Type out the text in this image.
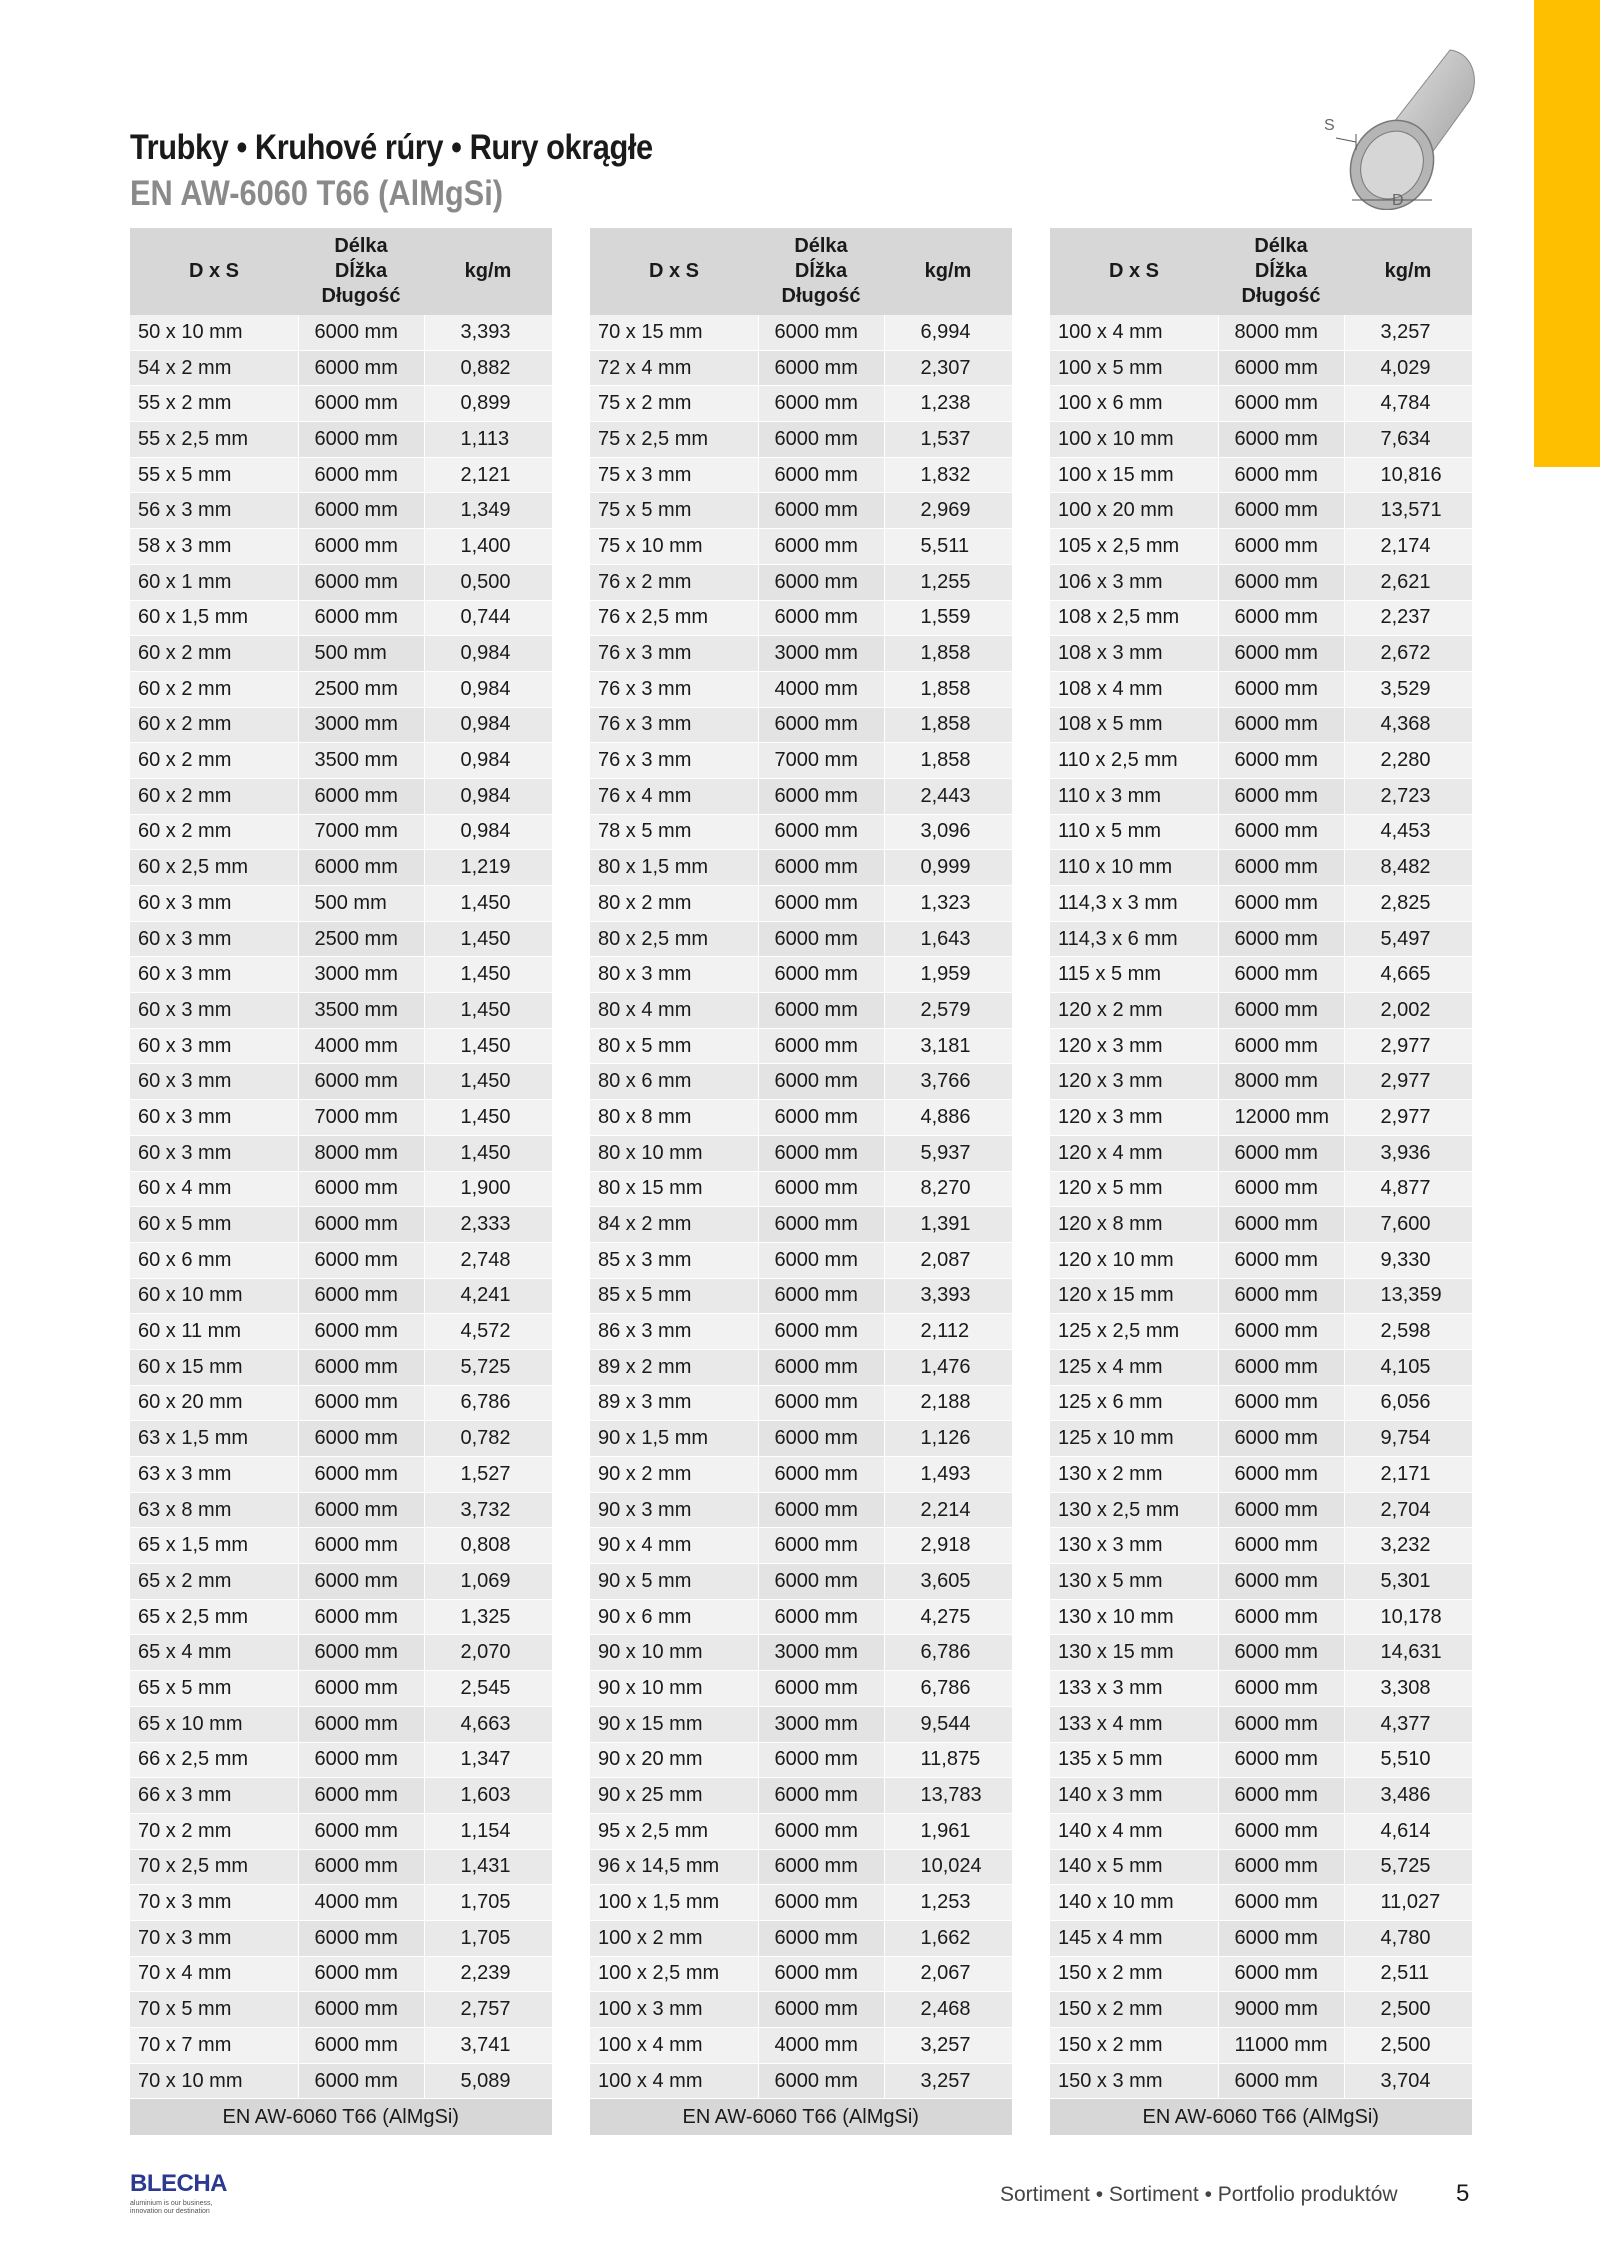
Trubky • Kruhové rúry • Rury okrągłe
EN AW-6060 T66 (AlMgSi)
S
D
D x S	Délka
Dĺžka
Długość	kg/m
50 x 10 mm	6000 mm	3,393
54 x 2 mm	6000 mm	0,882
55 x 2 mm	6000 mm	0,899
55 x 2,5 mm	6000 mm	1,113
55 x 5 mm	6000 mm	2,121
56 x 3 mm	6000 mm	1,349
58 x 3 mm	6000 mm	1,400
60 x 1 mm	6000 mm	0,500
60 x 1,5 mm	6000 mm	0,744
60 x 2 mm	500 mm	0,984
60 x 2 mm	2500 mm	0,984
60 x 2 mm	3000 mm	0,984
60 x 2 mm	3500 mm	0,984
60 x 2 mm	6000 mm	0,984
60 x 2 mm	7000 mm	0,984
60 x 2,5 mm	6000 mm	1,219
60 x 3 mm	500 mm	1,450
60 x 3 mm	2500 mm	1,450
60 x 3 mm	3000 mm	1,450
60 x 3 mm	3500 mm	1,450
60 x 3 mm	4000 mm	1,450
60 x 3 mm	6000 mm	1,450
60 x 3 mm	7000 mm	1,450
60 x 3 mm	8000 mm	1,450
60 x 4 mm	6000 mm	1,900
60 x 5 mm	6000 mm	2,333
60 x 6 mm	6000 mm	2,748
60 x 10 mm	6000 mm	4,241
60 x 11 mm	6000 mm	4,572
60 x 15 mm	6000 mm	5,725
60 x 20 mm	6000 mm	6,786
63 x 1,5 mm	6000 mm	0,782
63 x 3 mm	6000 mm	1,527
63 x 8 mm	6000 mm	3,732
65 x 1,5 mm	6000 mm	0,808
65 x 2 mm	6000 mm	1,069
65 x 2,5 mm	6000 mm	1,325
65 x 4 mm	6000 mm	2,070
65 x 5 mm	6000 mm	2,545
65 x 10 mm	6000 mm	4,663
66 x 2,5 mm	6000 mm	1,347
66 x 3 mm	6000 mm	1,603
70 x 2 mm	6000 mm	1,154
70 x 2,5 mm	6000 mm	1,431
70 x 3 mm	4000 mm	1,705
70 x 3 mm	6000 mm	1,705
70 x 4 mm	6000 mm	2,239
70 x 5 mm	6000 mm	2,757
70 x 7 mm	6000 mm	3,741
70 x 10 mm	6000 mm	5,089
EN AW-6060 T66 (AlMgSi)		
D x S	Délka
Dĺžka
Długość	kg/m
70 x 15 mm	6000 mm	6,994
72 x 4 mm	6000 mm	2,307
75 x 2 mm	6000 mm	1,238
75 x 2,5 mm	6000 mm	1,537
75 x 3 mm	6000 mm	1,832
75 x 5 mm	6000 mm	2,969
75 x 10 mm	6000 mm	5,511
76 x 2 mm	6000 mm	1,255
76 x 2,5 mm	6000 mm	1,559
76 x 3 mm	3000 mm	1,858
76 x 3 mm	4000 mm	1,858
76 x 3 mm	6000 mm	1,858
76 x 3 mm	7000 mm	1,858
76 x 4 mm	6000 mm	2,443
78 x 5 mm	6000 mm	3,096
80 x 1,5 mm	6000 mm	0,999
80 x 2 mm	6000 mm	1,323
80 x 2,5 mm	6000 mm	1,643
80 x 3 mm	6000 mm	1,959
80 x 4 mm	6000 mm	2,579
80 x 5 mm	6000 mm	3,181
80 x 6 mm	6000 mm	3,766
80 x 8 mm	6000 mm	4,886
80 x 10 mm	6000 mm	5,937
80 x 15 mm	6000 mm	8,270
84 x 2 mm	6000 mm	1,391
85 x 3 mm	6000 mm	2,087
85 x 5 mm	6000 mm	3,393
86 x 3 mm	6000 mm	2,112
89 x 2 mm	6000 mm	1,476
89 x 3 mm	6000 mm	2,188
90 x 1,5 mm	6000 mm	1,126
90 x 2 mm	6000 mm	1,493
90 x 3 mm	6000 mm	2,214
90 x 4 mm	6000 mm	2,918
90 x 5 mm	6000 mm	3,605
90 x 6 mm	6000 mm	4,275
90 x 10 mm	3000 mm	6,786
90 x 10 mm	6000 mm	6,786
90 x 15 mm	3000 mm	9,544
90 x 20 mm	6000 mm	11,875
90 x 25 mm	6000 mm	13,783
95 x 2,5 mm	6000 mm	1,961
96 x 14,5 mm	6000 mm	10,024
100 x 1,5 mm	6000 mm	1,253
100 x 2 mm	6000 mm	1,662
100 x 2,5 mm	6000 mm	2,067
100 x 3 mm	6000 mm	2,468
100 x 4 mm	4000 mm	3,257
100 x 4 mm	6000 mm	3,257
EN AW-6060 T66 (AlMgSi)		
D x S	Délka
Dĺžka
Długość	kg/m
100 x 4 mm	8000 mm	3,257
100 x 5 mm	6000 mm	4,029
100 x 6 mm	6000 mm	4,784
100 x 10 mm	6000 mm	7,634
100 x 15 mm	6000 mm	10,816
100 x 20 mm	6000 mm	13,571
105 x 2,5 mm	6000 mm	2,174
106 x 3 mm	6000 mm	2,621
108 x 2,5 mm	6000 mm	2,237
108 x 3 mm	6000 mm	2,672
108 x 4 mm	6000 mm	3,529
108 x 5 mm	6000 mm	4,368
110 x 2,5 mm	6000 mm	2,280
110 x 3 mm	6000 mm	2,723
110 x 5 mm	6000 mm	4,453
110 x 10 mm	6000 mm	8,482
114,3 x 3 mm	6000 mm	2,825
114,3 x 6 mm	6000 mm	5,497
115 x 5 mm	6000 mm	4,665
120 x 2 mm	6000 mm	2,002
120 x 3 mm	6000 mm	2,977
120 x 3 mm	8000 mm	2,977
120 x 3 mm	12000 mm	2,977
120 x 4 mm	6000 mm	3,936
120 x 5 mm	6000 mm	4,877
120 x 8 mm	6000 mm	7,600
120 x 10 mm	6000 mm	9,330
120 x 15 mm	6000 mm	13,359
125 x 2,5 mm	6000 mm	2,598
125 x 4 mm	6000 mm	4,105
125 x 6 mm	6000 mm	6,056
125 x 10 mm	6000 mm	9,754
130 x 2 mm	6000 mm	2,171
130 x 2,5 mm	6000 mm	2,704
130 x 3 mm	6000 mm	3,232
130 x 5 mm	6000 mm	5,301
130 x 10 mm	6000 mm	10,178
130 x 15 mm	6000 mm	14,631
133 x 3 mm	6000 mm	3,308
133 x 4 mm	6000 mm	4,377
135 x 5 mm	6000 mm	5,510
140 x 3 mm	6000 mm	3,486
140 x 4 mm	6000 mm	4,614
140 x 5 mm	6000 mm	5,725
140 x 10 mm	6000 mm	11,027
145 x 4 mm	6000 mm	4,780
150 x 2 mm	6000 mm	2,511
150 x 2 mm	9000 mm	2,500
150 x 2 mm	11000 mm	2,500
150 x 3 mm	6000 mm	3,704
EN AW-6060 T66 (AlMgSi)		
BLECHA
aluminium is our business, innovation our destination
Sortiment • Sortiment • Portfolio produktów 5
